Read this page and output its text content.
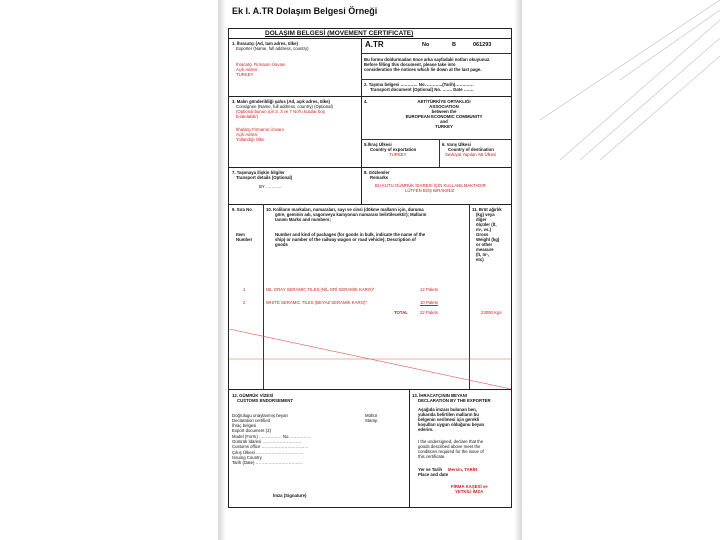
Ek I. A.TR Dolaşım Belgesi Örneği
DOLAŞIM BELGESİ (MOVEMENT CERTIFICATE)
1. İhracatçı (Ad, tam adres, ülke)
Exporter (Name, full address, country)
İhracatçı Firmanın Ünvanı
Açık Adresi
TURKEY
A.TR	No	B	061293
Bu formu doldurmadan önce arka sayfadaki notları okuyunuz.
Before filling this document, please take into
consideration the notices which lie down at the last page.
2. Taşıma belgesi ………… No. ………..(Tarih)………….
Transport document (Optional) No. ……. Date …….
3. Malın gönderildiği şahıs (Ad, açık adres, ülke)
Consignee (Name, full address, country) (Optional)
(Optional bunun için 2. 3 ve 7 No'lu kutular boş
bırakılabilir)
İthalatçı Firmanın Ünvanı
Açık Adresi
Yollandığı Ülke
4.	AET/TÜRKİYE ORTAKLIĞI
ASSOCIATION
between the
EUROPEAN ECONOMIC COMMUNITY
and
TURKEY
5.İhraç Ülkesi
Country of exportation
TURKEY
6. Varış Ülkesi
Country of destination
Sevkiyat Yapılan AB Ülkesi
7. Taşımaya ilişkin bilgiler
Transport details (Optional)
BY ………..
8. Gözlemler
Remarks
BU KUTU GÜMRÜK İDARESİ İÇİN KULLANILMAKTADIR
LÜTFEN BOŞ BIRAKINIZ
9. Sıra No
Item
Number
10. Koliların markaları, numaraları, sayı ve cinsi (dökme malların için, duruma
göre, geminin adı, vagonveya kamyonun numarası belirtilecektir); Malların
tanımı Marks and numbers;
Number and kind of packages (for goods in bulk, indicate the name of the
ship) or number of the railway wagon or road vehicle); Description of
goods
11. Brüt ağırlık
(kg) veya
diğer
ölçüler (lt,
m³, vs.)
Gross
Weight (kg)
or other
measure
(lt, m³,
etc)
1	NIL GRAY SERAMIC TILES (NİL GRİ SERAMİK KARO)*	12 Palets
2	WHITE SERAMIC TILES (BEYAZ SERAMİK KARO)*	10 Palets
TOTAL	22 Palets	23000 Kgs
12. GÜMRÜK VİZESİ
CUSTOMS ENDORSEMENT
Doğrulugu onaylanmış beyan
Declaration certified
İhraç belgesi
Export document (2)
Model (Form) ……………. No. …………..
Gümrük İdaresi ………………………
Customs office ……………………………
Çıkış Ülkesi ……………………………
Issuing Country
Tarih (Date) ……………………………
Mühür
Stamp
İmza (Signature)
13. İHRACATÇININ BEYANI
DECLARATION BY THE EXPORTER
Aşağıda imzası bulunan ben,
yukarıda belirtilen malların bu
belgenin verilmesi için gerekli
koşulları uygun olduğunu beyan
ederim.
I the undersigned, declare that the
goods described above meet the
conditions required for the issue of
this certificate.
Yer ve Tarih Mersin, TARİH
Place and date
FİRMA KAŞESİ ve
YETKİLİ İMZA
